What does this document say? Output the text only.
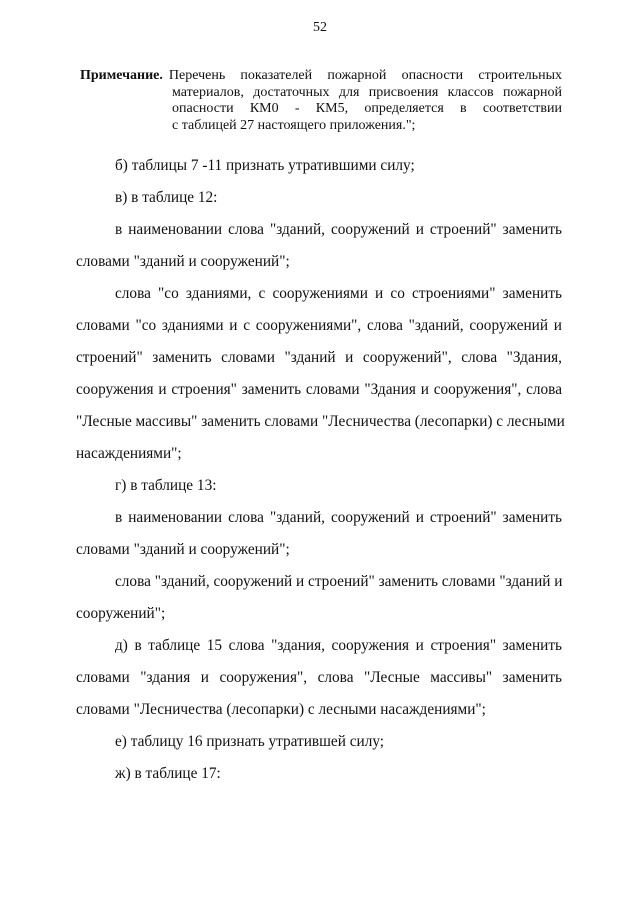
52
Примечание. Перечень показателей пожарной опасности строительных
материалов, достаточных для присвоения классов пожарной
опасности КМ0 - КМ5, определяется в соответствии
с таблицей 27 настоящего приложения.";
б) таблицы 7 -11 признать утратившими силу;
в) в таблице 12:
в наименовании слова "зданий, сооружений и строений" заменить
словами "зданий и сооружений";
слова "со зданиями, с сооружениями и со строениями" заменить
словами "со зданиями и с сооружениями", слова "зданий, сооружений и
строений" заменить словами "зданий и сооружений", слова "Здания,
сооружения и строения" заменить словами "Здания и сооружения", слова
"Лесные массивы" заменить словами "Лесничества (лесопарки) с лесными
насаждениями";
г) в таблице 13:
в наименовании слова "зданий, сооружений и строений" заменить
словами "зданий и сооружений";
слова "зданий, сооружений и строений" заменить словами "зданий и
сооружений";
д) в таблице 15 слова "здания, сооружения и строения" заменить
словами "здания и сооружения", слова "Лесные массивы" заменить
словами "Лесничества (лесопарки) с лесными насаждениями";
е) таблицу 16 признать утратившей силу;
ж) в таблице 17:
